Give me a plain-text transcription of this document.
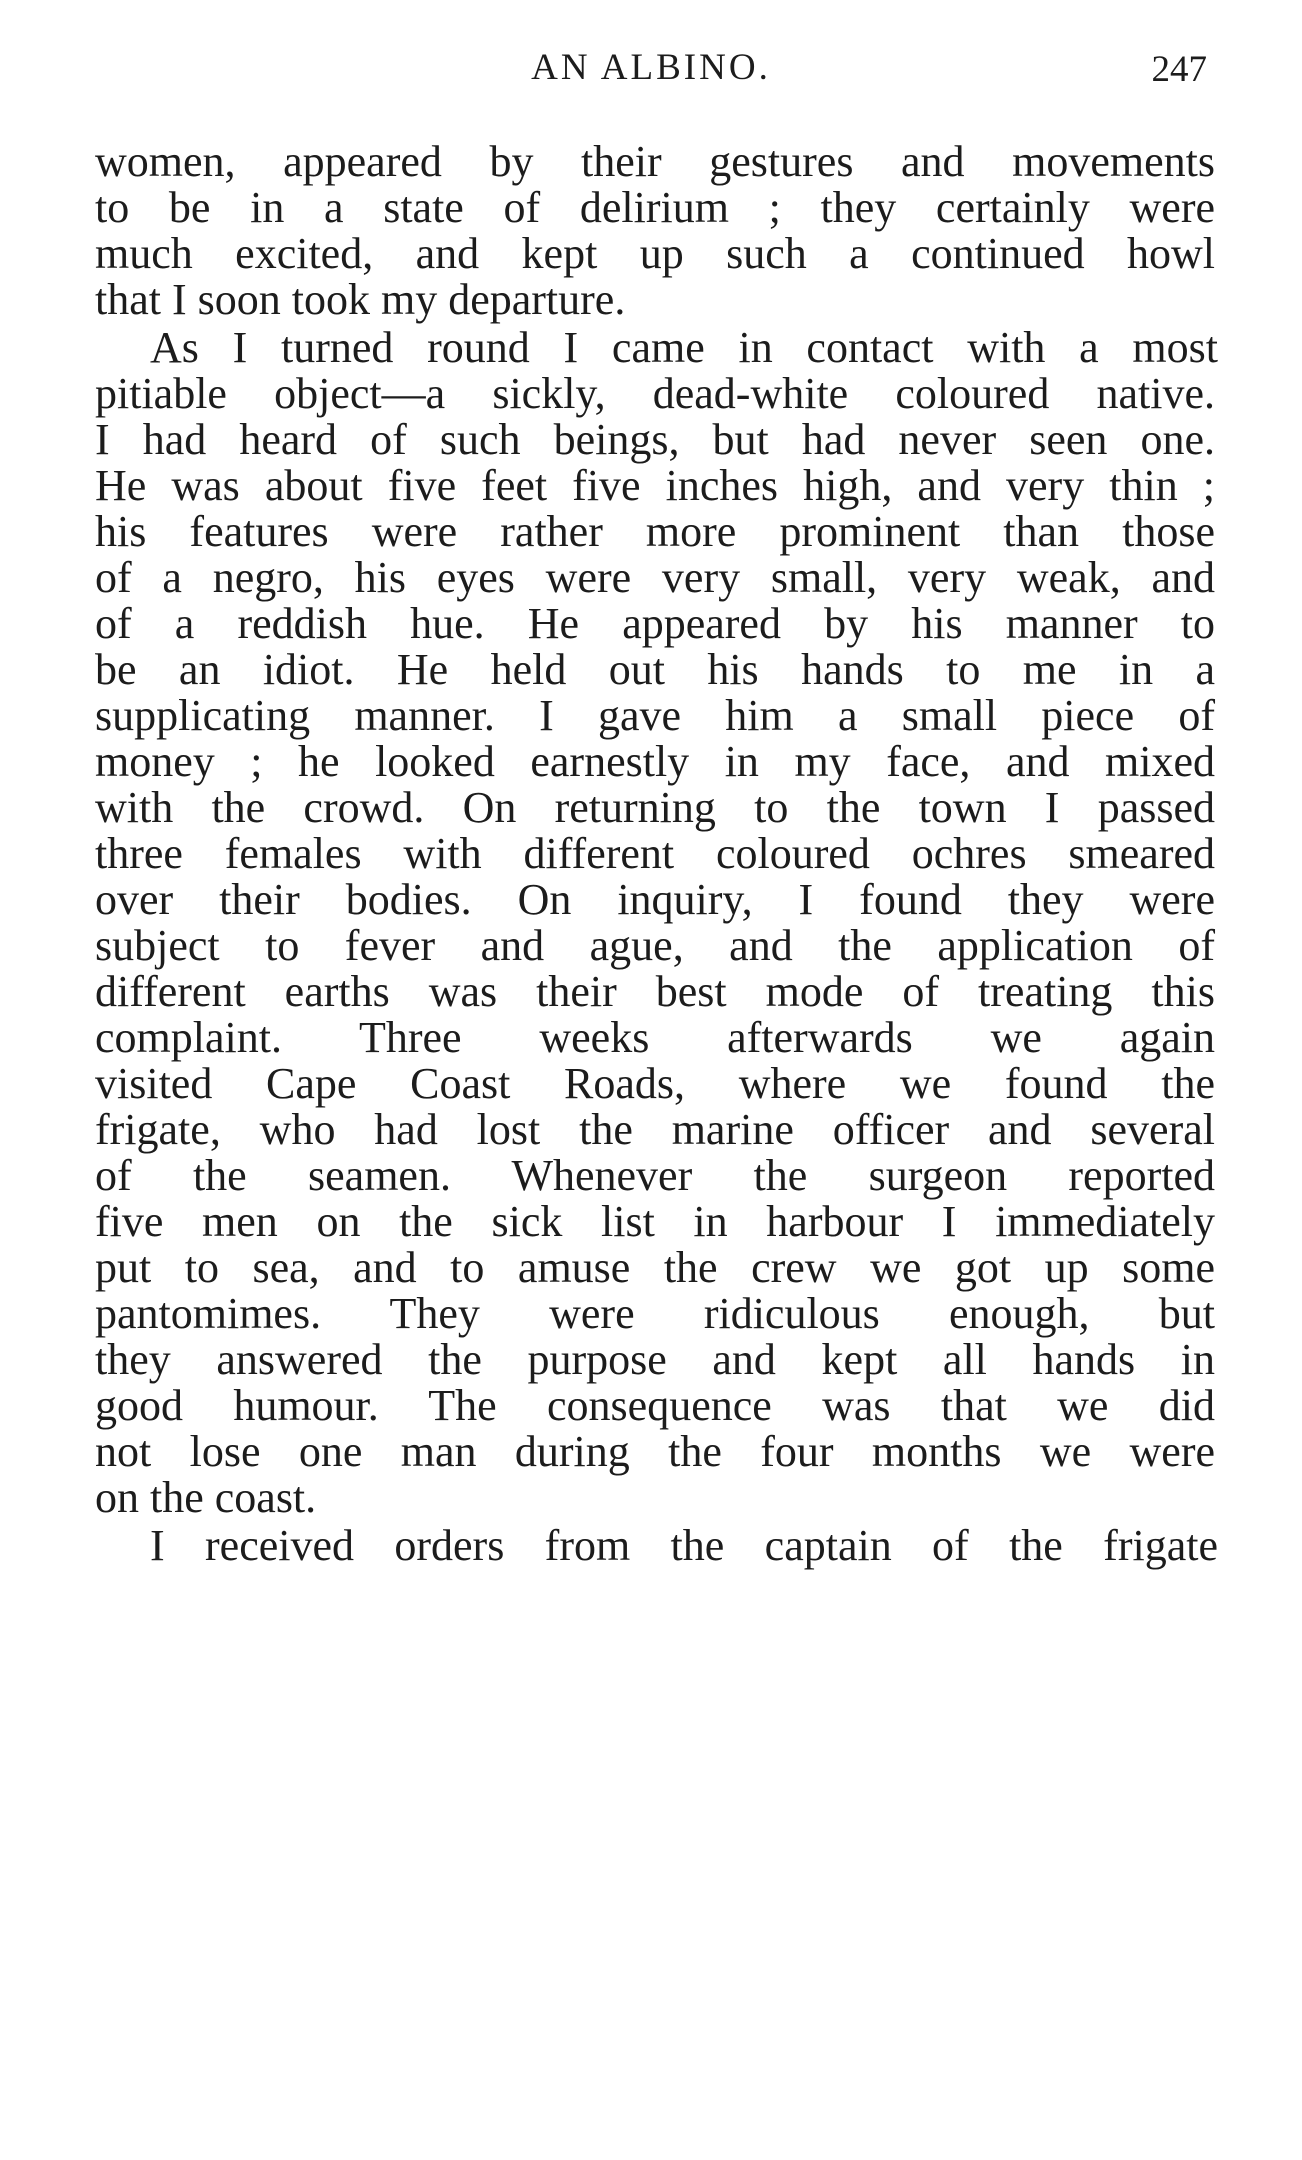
AN ALBINO.	247
women, appeared by their gestures and movements
to be in a state of delirium ; they certainly were
much excited, and kept up such a continued howl
that I soon took my departure.
As I turned round I came in contact with a most
pitiable object—a sickly, dead-white coloured native.
I had heard of such beings, but had never seen one.
He was about five feet five inches high, and very thin ;
his features were rather more prominent than those
of a negro, his eyes were very small, very weak, and
of a reddish hue. He appeared by his manner to
be an idiot. He held out his hands to me in a
supplicating manner. I gave him a small piece of
money ; he looked earnestly in my face, and mixed
with the crowd. On returning to the town I passed
three females with different coloured ochres smeared
over their bodies. On inquiry, I found they were
subject to fever and ague, and the application of
different earths was their best mode of treating this
complaint. Three weeks afterwards we again
visited Cape Coast Roads, where we found the
frigate, who had lost the marine officer and several
of the seamen. Whenever the surgeon reported
five men on the sick list in harbour I immediately
put to sea, and to amuse the crew we got up some
pantomimes. They were ridiculous enough, but
they answered the purpose and kept all hands in
good humour. The consequence was that we did
not lose one man during the four months we were
on the coast.
I received orders from the captain of the frigate
